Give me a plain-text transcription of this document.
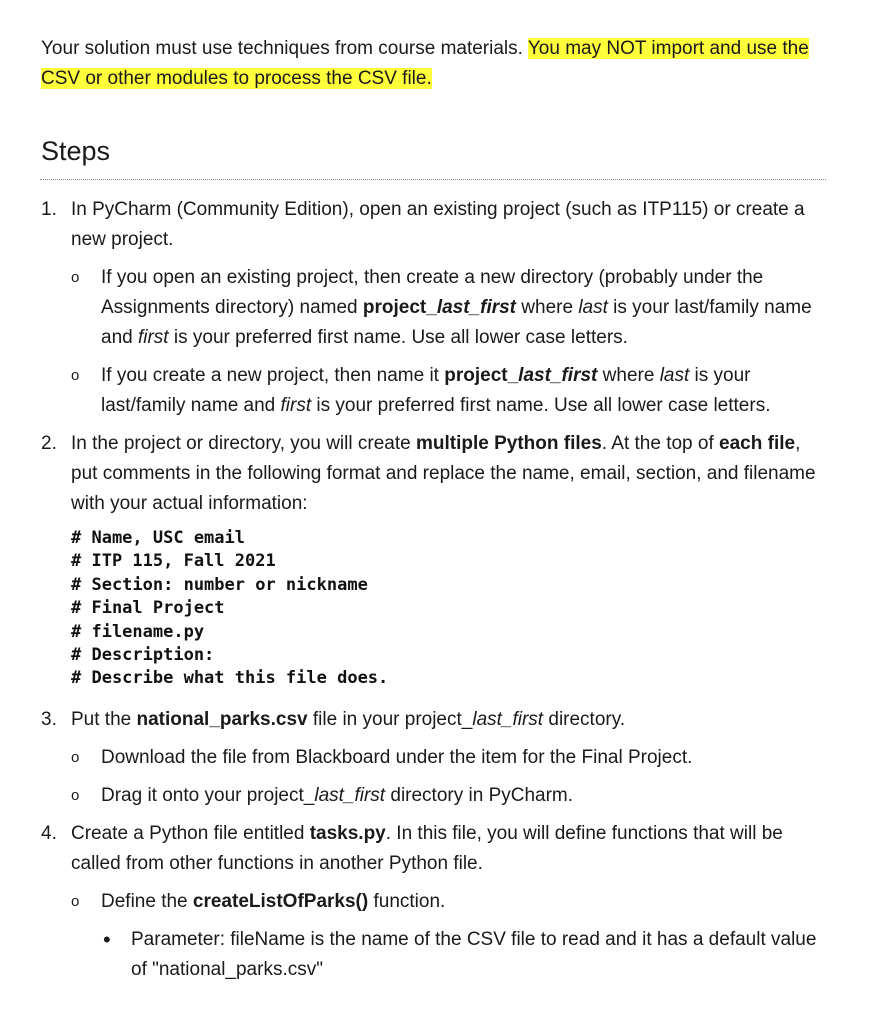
Your solution must use techniques from course materials. You may NOT import and use the CSV or other modules to process the CSV file.
Steps
1. In PyCharm (Community Edition), open an existing project (such as ITP115) or create a new project.
o If you open an existing project, then create a new directory (probably under the Assignments directory) named project_last_first where last is your last/family name and first is your preferred first name. Use all lower case letters.
o If you create a new project, then name it project_last_first where last is your last/family name and first is your preferred first name. Use all lower case letters.
2. In the project or directory, you will create multiple Python files. At the top of each file, put comments in the following format and replace the name, email, section, and filename with your actual information:
# Name, USC email
# ITP 115, Fall 2021
# Section: number or nickname
# Final Project
# filename.py
# Description:
# Describe what this file does.
3. Put the national_parks.csv file in your project_last_first directory.
o Download the file from Blackboard under the item for the Final Project.
o Drag it onto your project_last_first directory in PyCharm.
4. Create a Python file entitled tasks.py. In this file, you will define functions that will be called from other functions in another Python file.
o Define the createListOfParks() function.
• Parameter: fileName is the name of the CSV file to read and it has a default value of "national_parks.csv"
